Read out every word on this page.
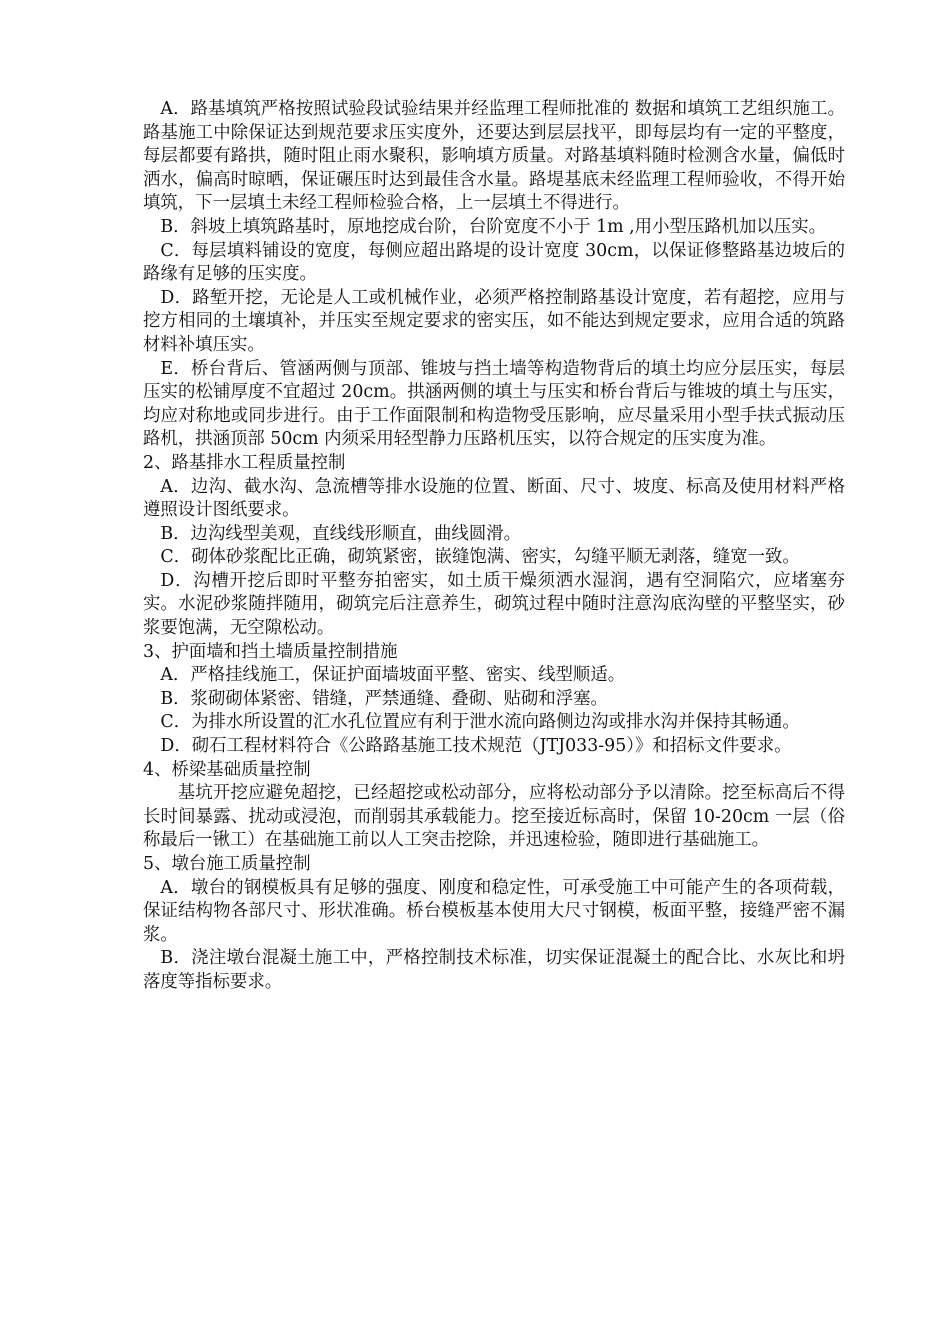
A．路基填筑严格按照试验段试验结果并经监理工程师批准的 数据和填筑工艺组织施工。路基施工中除保证达到规范要求压实度外，还要达到层层找平，即每层均有一定的平整度，每层都要有路拱，随时阻止雨水聚积，影响填方质量。对路基填料随时检测含水量，偏低时洒水，偏高时晾晒，保证碾压时达到最佳含水量。路堤基底未经监理工程师验收，不得开始填筑，下一层填土未经工程师检验合格，上一层填土不得进行。

B．斜坡上填筑路基时，原地挖成台阶，台阶宽度不小于 1m ,用小型压路机加以压实。

C．每层填料铺设的宽度，每侧应超出路堤的设计宽度 30cm，以保证修整路基边坡后的路缘有足够的压实度。

D．路堑开挖，无论是人工或机械作业，必须严格控制路基设计宽度，若有超挖，应用与挖方相同的土壤填补，并压实至规定要求的密实压，如不能达到规定要求，应用合适的筑路材料补填压实。

E．桥台背后、管涵两侧与顶部、锥坡与挡土墙等构造物背后的填土均应分层压实，每层压实的松铺厚度不宜超过 20cm。拱涵两侧的填土与压实和桥台背后与锥坡的填土与压实，均应对称地或同步进行。由于工作面限制和构造物受压影响，应尽量采用小型手扶式振动压路机，拱涵顶部 50cm 内须采用轻型静力压路机压实，以符合规定的压实度为准。

2、路基排水工程质量控制

A．边沟、截水沟、急流槽等排水设施的位置、断面、尺寸、坡度、标高及使用材料严格遵照设计图纸要求。

B．边沟线型美观，直线线形顺直，曲线圆滑。

C．砌体砂浆配比正确，砌筑紧密，嵌缝饱满、密实，勾缝平顺无剥落，缝宽一致。

D．沟槽开挖后即时平整夯拍密实，如土质干燥须洒水湿润，遇有空洞陷穴，应堵塞夯实。水泥砂浆随拌随用，砌筑完后注意养生，砌筑过程中随时注意沟底沟壁的平整坚实，砂浆要饱满，无空隙松动。

3、护面墙和挡土墙质量控制措施

A．严格挂线施工，保证护面墙坡面平整、密实、线型顺适。

B．浆砌砌体紧密、错缝，严禁通缝、叠砌、贴砌和浮塞。

C．为排水所设置的汇水孔位置应有利于泄水流向路侧边沟或排水沟并保持其畅通。

D．砌石工程材料符合《公路路基施工技术规范（JTJ033-95）》和招标文件要求。

4、桥梁基础质量控制

基坑开挖应避免超挖，已经超挖或松动部分，应将松动部分予以清除。挖至标高后不得长时间暴露、扰动或浸泡，而削弱其承载能力。挖至接近标高时，保留 10-20cm 一层（俗称最后一锹工）在基础施工前以人工突击挖除，并迅速检验，随即进行基础施工。

5、墩台施工质量控制

A．墩台的钢模板具有足够的强度、刚度和稳定性，可承受施工中可能产生的各项荷载，保证结构物各部尺寸、形状准确。桥台模板基本使用大尺寸钢模，板面平整，接缝严密不漏浆。

B．浇注墩台混凝土施工中，严格控制技术标准，切实保证混凝土的配合比、水灰比和坍落度等指标要求。
